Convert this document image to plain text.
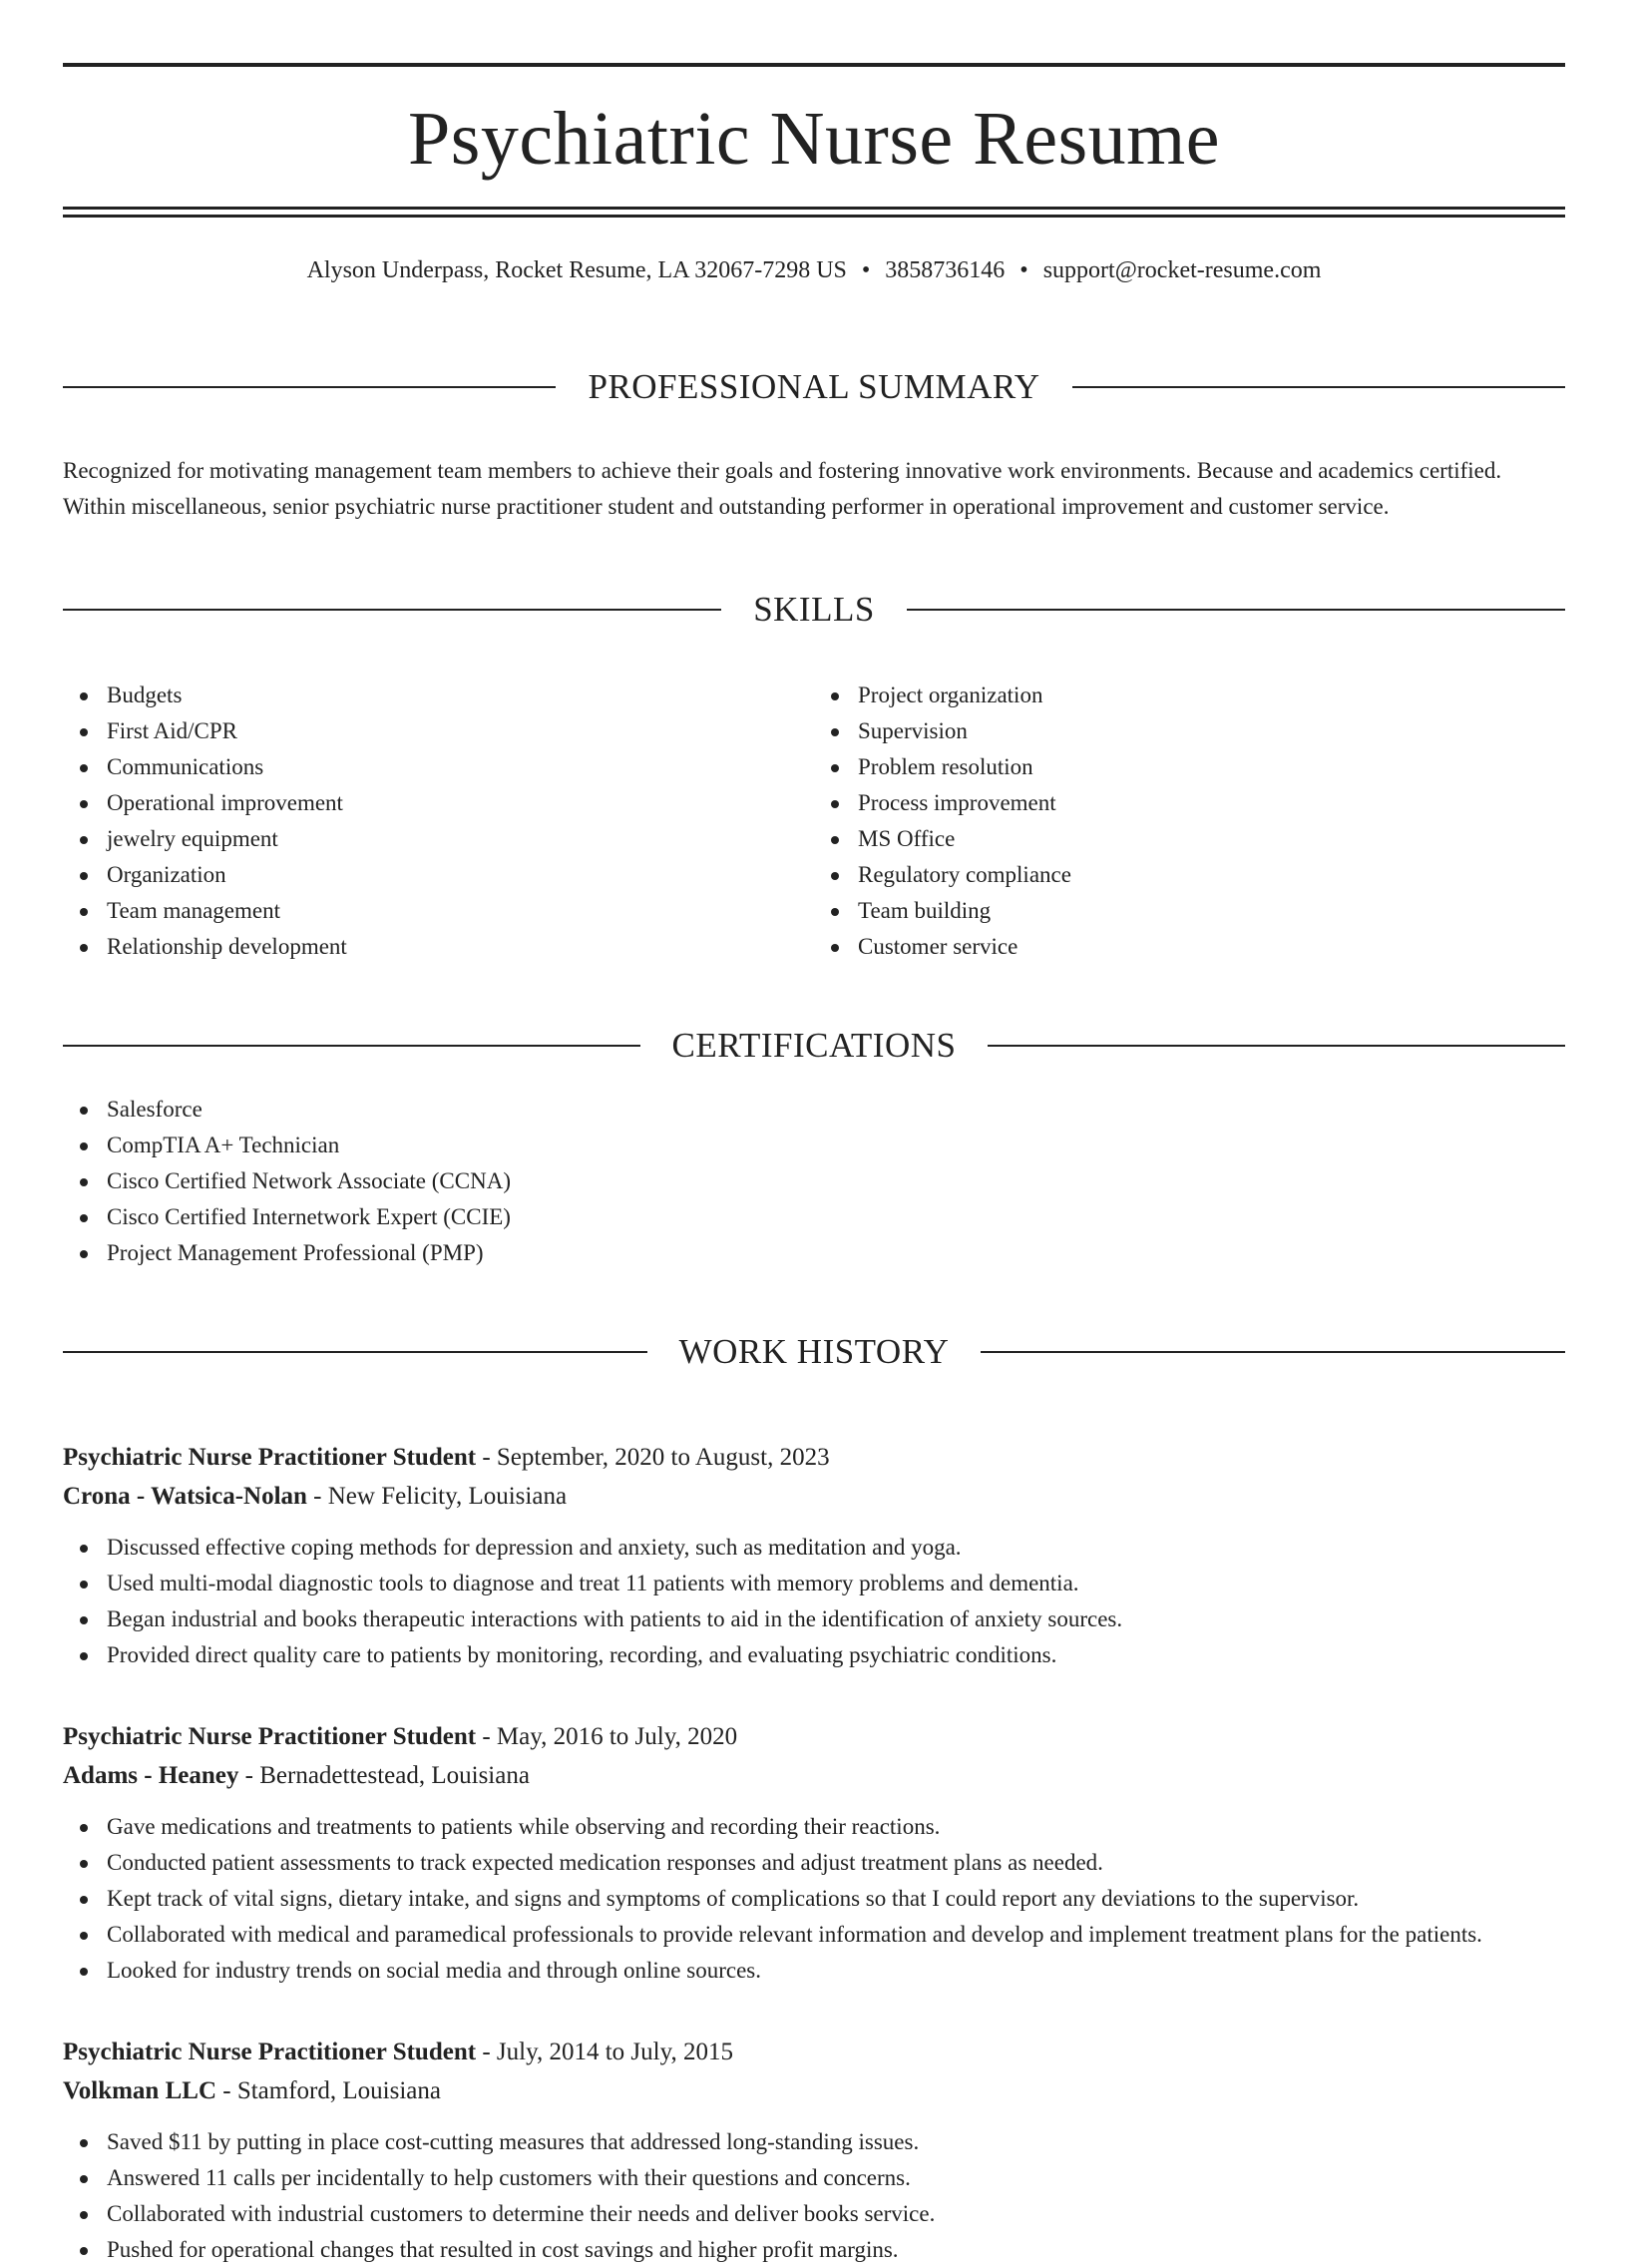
Psychiatric Nurse Resume
Alyson Underpass, Rocket Resume, LA 32067-7298 US • 3858736146 • support@rocket-resume.com
PROFESSIONAL SUMMARY

Recognized for motivating management team members to achieve their goals and fostering innovative work environments. Because and academics certified. Within miscellaneous, senior psychiatric nurse practitioner student and outstanding performer in operational improvement and customer service.

SKILLS
Budgets
First Aid/CPR
Communications
Operational improvement
jewelry equipment
Organization
Team management
Relationship development
Project organization
Supervision
Problem resolution
Process improvement
MS Office
Regulatory compliance
Team building
Customer service
CERTIFICATIONS
Salesforce
CompTIA A+ Technician
Cisco Certified Network Associate (CCNA)
Cisco Certified Internetwork Expert (CCIE)
Project Management Professional (PMP)
WORK HISTORY
Psychiatric Nurse Practitioner Student - September, 2020 to August, 2023
Crona - Watsica-Nolan - New Felicity, Louisiana
Discussed effective coping methods for depression and anxiety, such as meditation and yoga.
Used multi-modal diagnostic tools to diagnose and treat 11 patients with memory problems and dementia.
Began industrial and books therapeutic interactions with patients to aid in the identification of anxiety sources.
Provided direct quality care to patients by monitoring, recording, and evaluating psychiatric conditions.
Psychiatric Nurse Practitioner Student - May, 2016 to July, 2020
Adams - Heaney - Bernadettestead, Louisiana
Gave medications and treatments to patients while observing and recording their reactions.
Conducted patient assessments to track expected medication responses and adjust treatment plans as needed.
Kept track of vital signs, dietary intake, and signs and symptoms of complications so that I could report any deviations to the supervisor.
Collaborated with medical and paramedical professionals to provide relevant information and develop and implement treatment plans for the patients.
Looked for industry trends on social media and through online sources.
Psychiatric Nurse Practitioner Student - July, 2014 to July, 2015
Volkman LLC - Stamford, Louisiana
Saved $11 by putting in place cost-cutting measures that addressed long-standing issues.
Answered 11 calls per incidentally to help customers with their questions and concerns.
Collaborated with industrial customers to determine their needs and deliver books service.
Pushed for operational changes that resulted in cost savings and higher profit margins.
